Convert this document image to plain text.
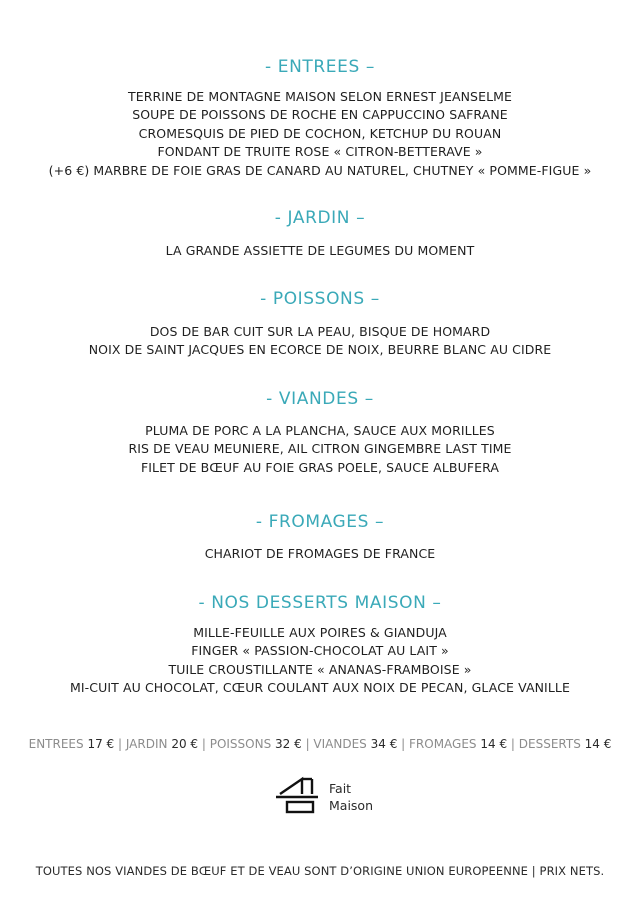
- ENTREES –
TERRINE DE MONTAGNE MAISON SELON ERNEST JEANSELME
SOUPE DE POISSONS DE ROCHE EN CAPPUCCINO SAFRANE
CROMESQUIS DE PIED DE COCHON, KETCHUP DU ROUAN
FONDANT DE TRUITE ROSE « CITRON-BETTERAVE »
(+6 €) MARBRE DE FOIE GRAS DE CANARD AU NATUREL, CHUTNEY « POMME-FIGUE »
- JARDIN –
LA GRANDE ASSIETTE DE LEGUMES DU MOMENT
- POISSONS –
DOS DE BAR CUIT SUR LA PEAU, BISQUE DE HOMARD
NOIX DE SAINT JACQUES EN ECORCE DE NOIX, BEURRE BLANC AU CIDRE
- VIANDES –
PLUMA DE PORC A LA PLANCHA, SAUCE AUX MORILLES
RIS DE VEAU MEUNIERE, AIL CITRON GINGEMBRE LAST TIME
FILET DE BŒUF AU FOIE GRAS POELE, SAUCE ALBUFERA
- FROMAGES –
CHARIOT DE FROMAGES DE FRANCE
- NOS DESSERTS MAISON –
MILLE-FEUILLE AUX POIRES & GIANDUJA
FINGER « PASSION-CHOCOLAT AU LAIT »
TUILE CROUSTILLANTE « ANANAS-FRAMBOISE »
MI-CUIT AU CHOCOLAT, CŒUR COULANT AUX NOIX DE PECAN, GLACE VANILLE
ENTREES 17 € | JARDIN 20 € | POISSONS 32 € | VIANDES 34 € | FROMAGES 14 € | DESSERTS 14 €
Fait
Maison
TOUTES NOS VIANDES DE BŒUF ET DE VEAU SONT D’ORIGINE UNION EUROPEENNE | PRIX NETS.
